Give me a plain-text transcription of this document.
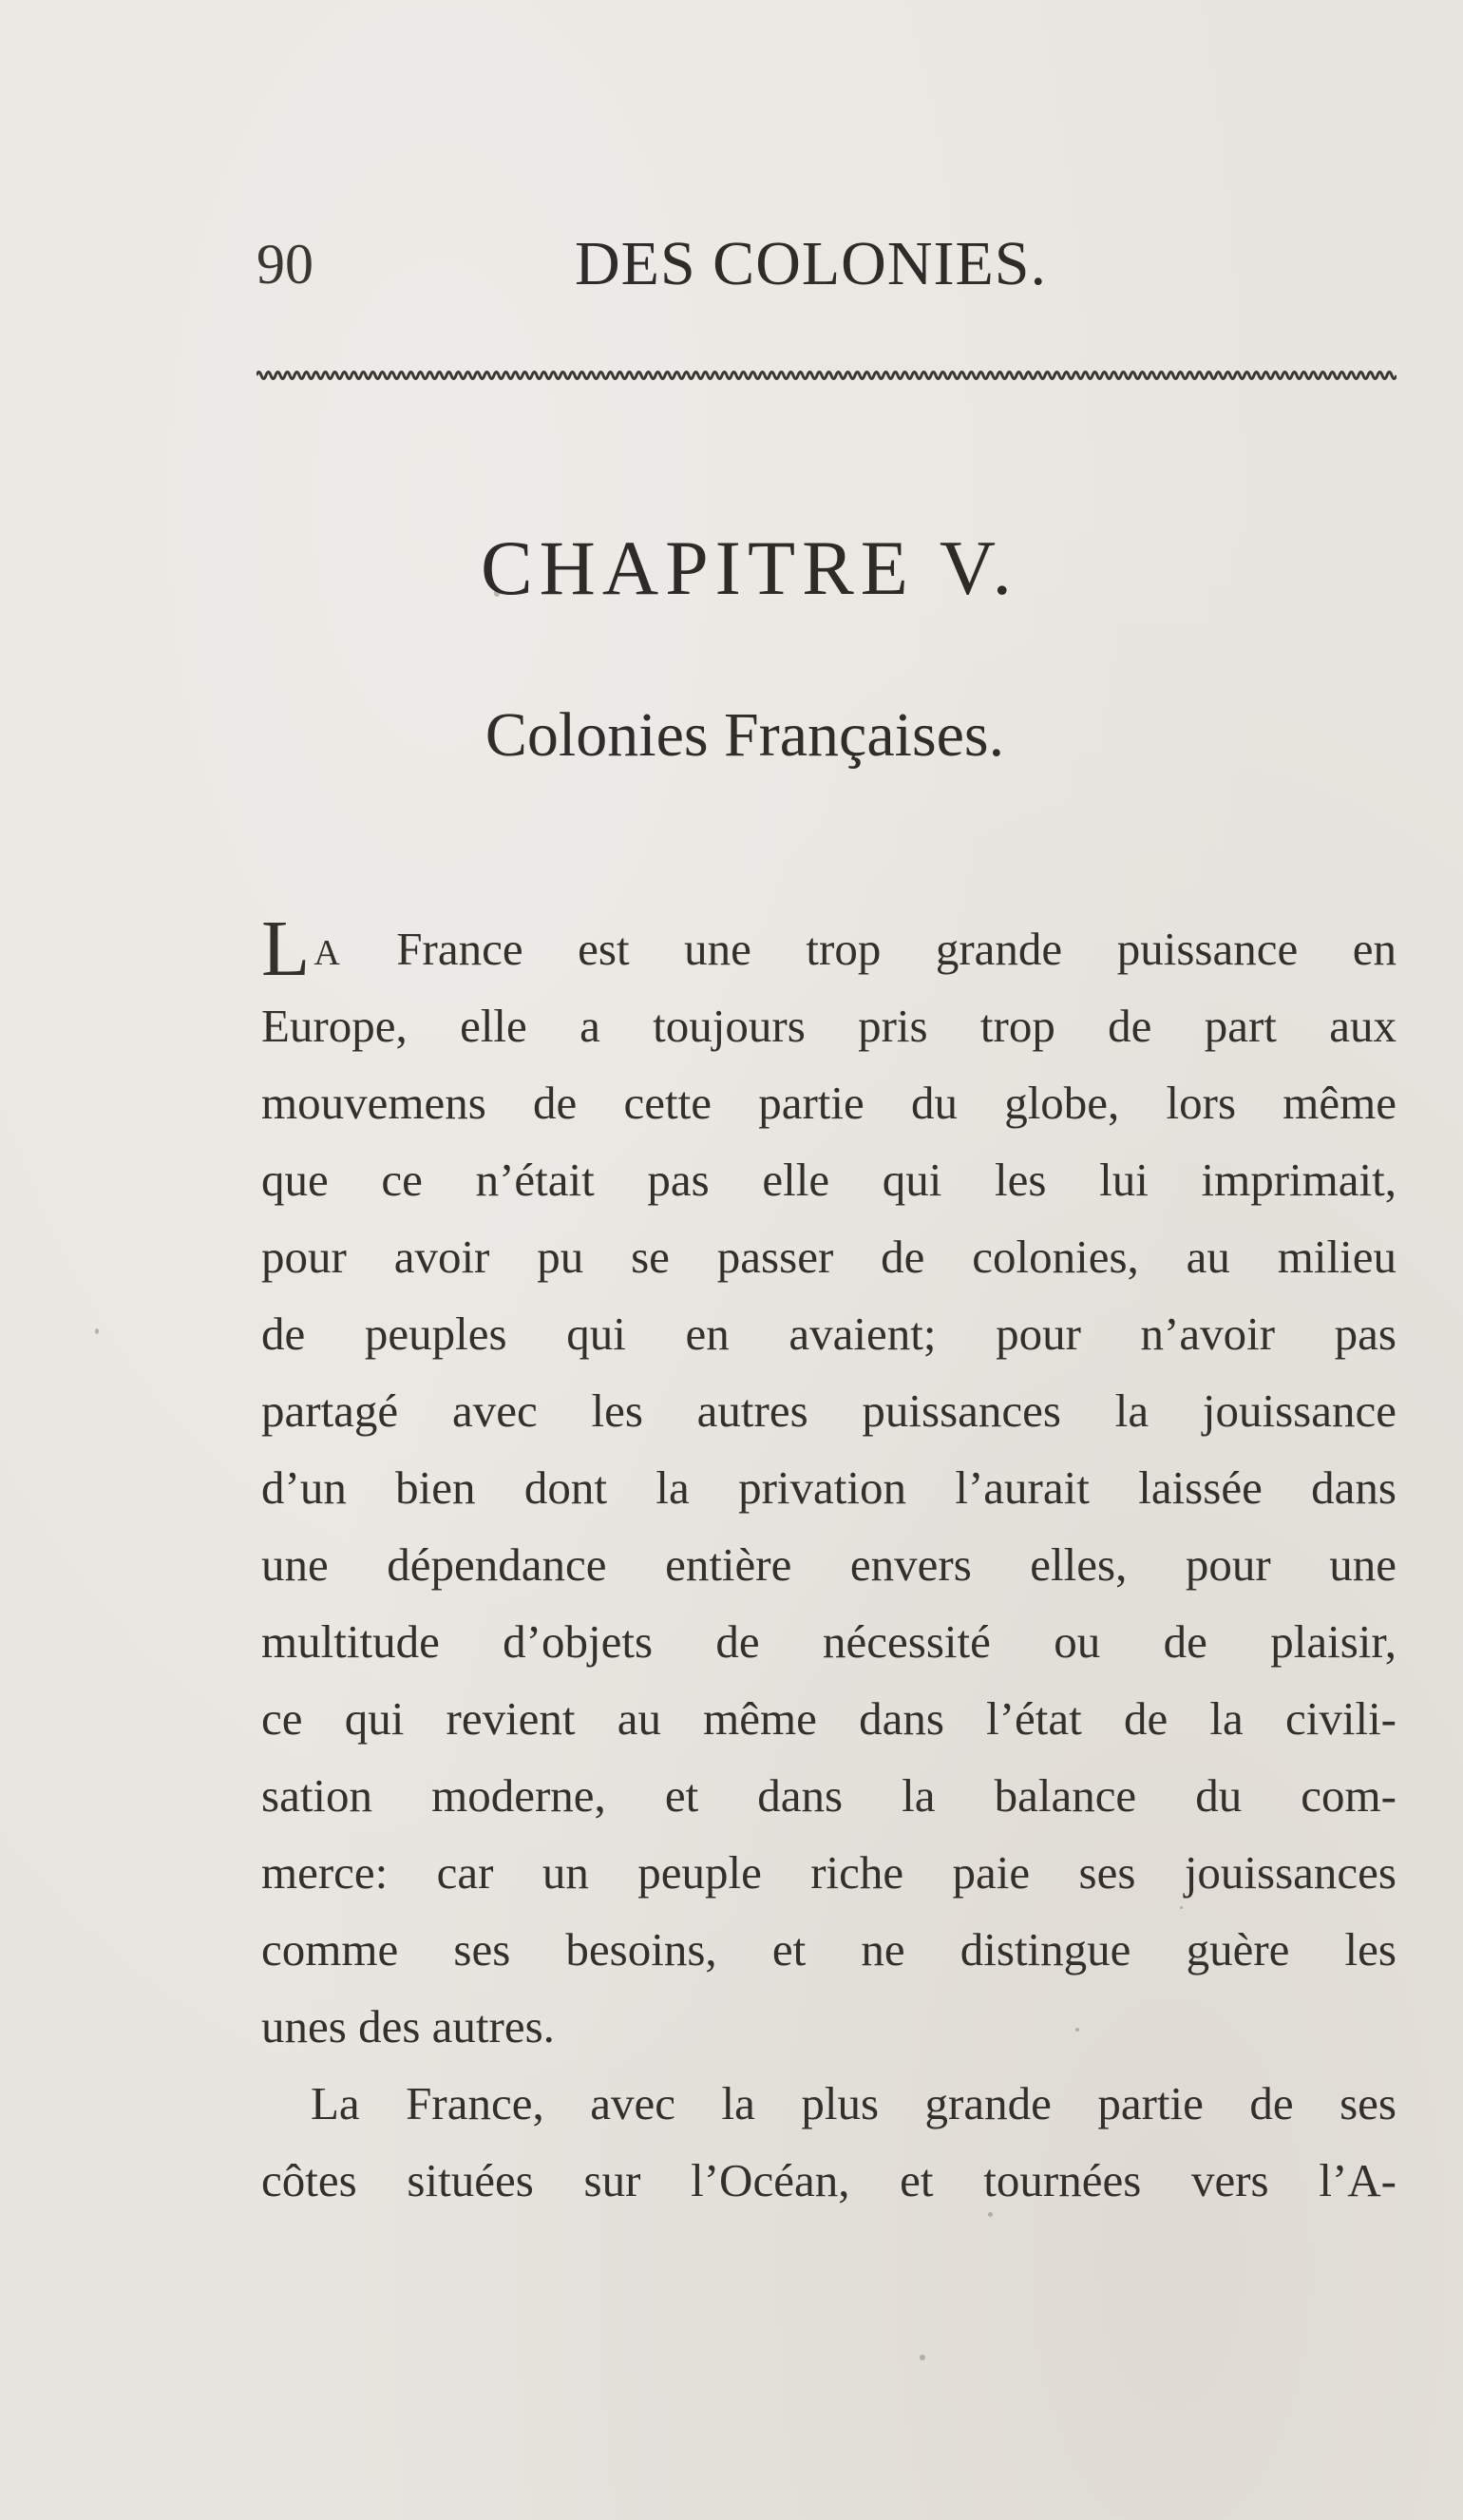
90	DES COLONIES.
CHAPITRE V.
Colonies Françaises.
L A France est une trop grande puissance en
Europe, elle a toujours pris trop de part aux
mouvemens de cette partie du globe, lors même
que ce n’était pas elle qui les lui imprimait,
pour avoir pu se passer de colonies, au milieu
de peuples qui en avaient; pour n’avoir pas
partagé avec les autres puissances la jouissance
d’un bien dont la privation l’aurait laissée dans
une dépendance entière envers elles, pour une
multitude d’objets de nécessité ou de plaisir,
ce qui revient au même dans l’état de la civili-
sation moderne, et dans la balance du com-
merce: car un peuple riche paie ses jouissances
comme ses besoins, et ne distingue guère les
unes des autres.
La France, avec la plus grande partie de ses
côtes situées sur l’Océan, et tournées vers l’A-
